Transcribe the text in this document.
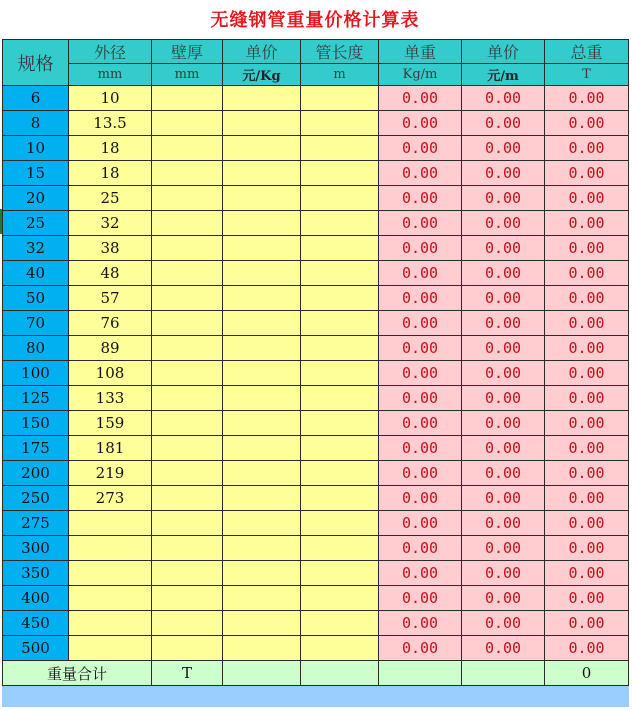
无缝钢管重量价格计算表
规格	外径	壁厚	单价	管长度	单重	单价	总重
	mm	mm	元/Kg	m	Kg/m	元/m	T
6	10				0.00	0.00	0.00
8	13.5				0.00	0.00	0.00
10	18				0.00	0.00	0.00
15	18				0.00	0.00	0.00
20	25				0.00	0.00	0.00
25	32				0.00	0.00	0.00
32	38				0.00	0.00	0.00
40	48				0.00	0.00	0.00
50	57				0.00	0.00	0.00
70	76				0.00	0.00	0.00
80	89				0.00	0.00	0.00
100	108				0.00	0.00	0.00
125	133				0.00	0.00	0.00
150	159				0.00	0.00	0.00
175	181				0.00	0.00	0.00
200	219				0.00	0.00	0.00
250	273				0.00	0.00	0.00
275					0.00	0.00	0.00
300					0.00	0.00	0.00
350					0.00	0.00	0.00
400					0.00	0.00	0.00
450					0.00	0.00	0.00
500					0.00	0.00	0.00
重量合计		T					0
